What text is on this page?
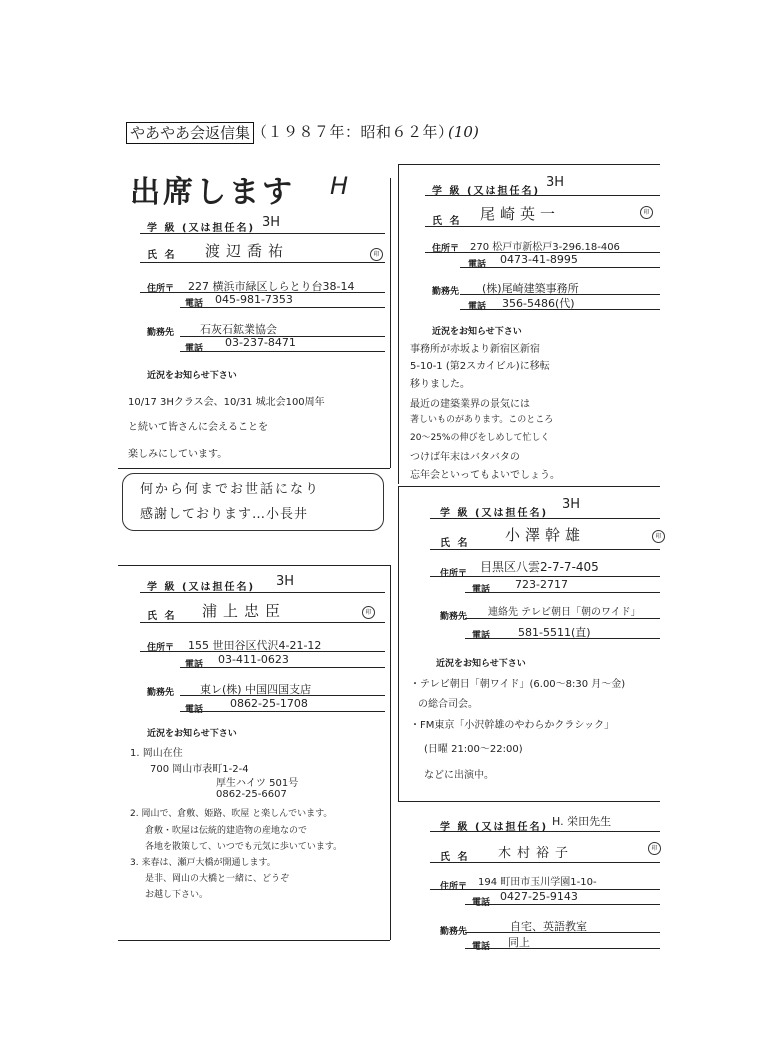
やあやあ会返信集 （１９８７年：昭和６２年）
(10)
出席します H
学 級 (又は担任名) 3H
氏 名 渡辺喬祐	印
住所〒 227 横浜市緑区しらとり台38-14
電話 045-981-7353
勤務先 石灰石鉱業協会
電話 03-237-8471
近況をお知らせ下さい
10/17 3Hクラス会、10/31 城北会100周年
と続いて皆さんに会えることを
楽しみにしています。
何から何までお世話になり
感謝しております…小長井
学 級 (又は担任名) 3H
氏 名 浦上忠臣	印
住所〒 155 世田谷区代沢4-21-12
電話 03-411-0623
勤務先 東レ(株) 中国四国支店
電話 0862-25-1708
近況をお知らせ下さい
1. 岡山在住
700 岡山市表町1-2-4
厚生ハイツ 501号
0862-25-6607
2. 岡山で、倉敷、姫路、吹屋 と楽しんでいます。
倉敷・吹屋は伝統的建造物の産地なので
各地を散策して、いつでも元気に歩いています。
3. 来春は、瀬戸大橋が開通します。
是非、岡山の大橋と一緒に、どうぞ
お越し下さい。
学 級 (又は担任名)
3H
氏 名 尾崎英一	印
住所〒 270 松戸市新松戸3-296.18-406
電話 0473-41-8995
勤務先 (株)尾崎建築事務所
電話 356-5486(代)
近況をお知らせ下さい
事務所が赤坂より新宿区新宿
5-10-1 (第2スカイビル)に移転
移りました。
最近の建築業界の景気には
著しいものがあります。このところ
20～25%の伸びをしめして忙しく
つけば年末はバタバタの
忘年会といってもよいでしょう。
学 級 (又は担任名)
3H
氏 名 小澤幹雄	印
住所〒 目黒区八雲2-7-7-405
電話 723-2717
勤務先 連絡先 テレビ朝日「朝のワイド」
電話	581-5511(直)
近況をお知らせ下さい
・テレビ朝日「朝ワイド」(6.00～8:30 月～金)
の総合司会。
・FM東京「小沢幹雄のやわらかクラシック」
(日曜 21:00～22:00)
などに出演中。
学 級 (又は担任名) H. 栄田先生
氏 名 木村裕子	印
住所〒 194 町田市玉川学園1-10-
電話 0427-25-9143
勤務先	自宅、英語教室
電話 同上
